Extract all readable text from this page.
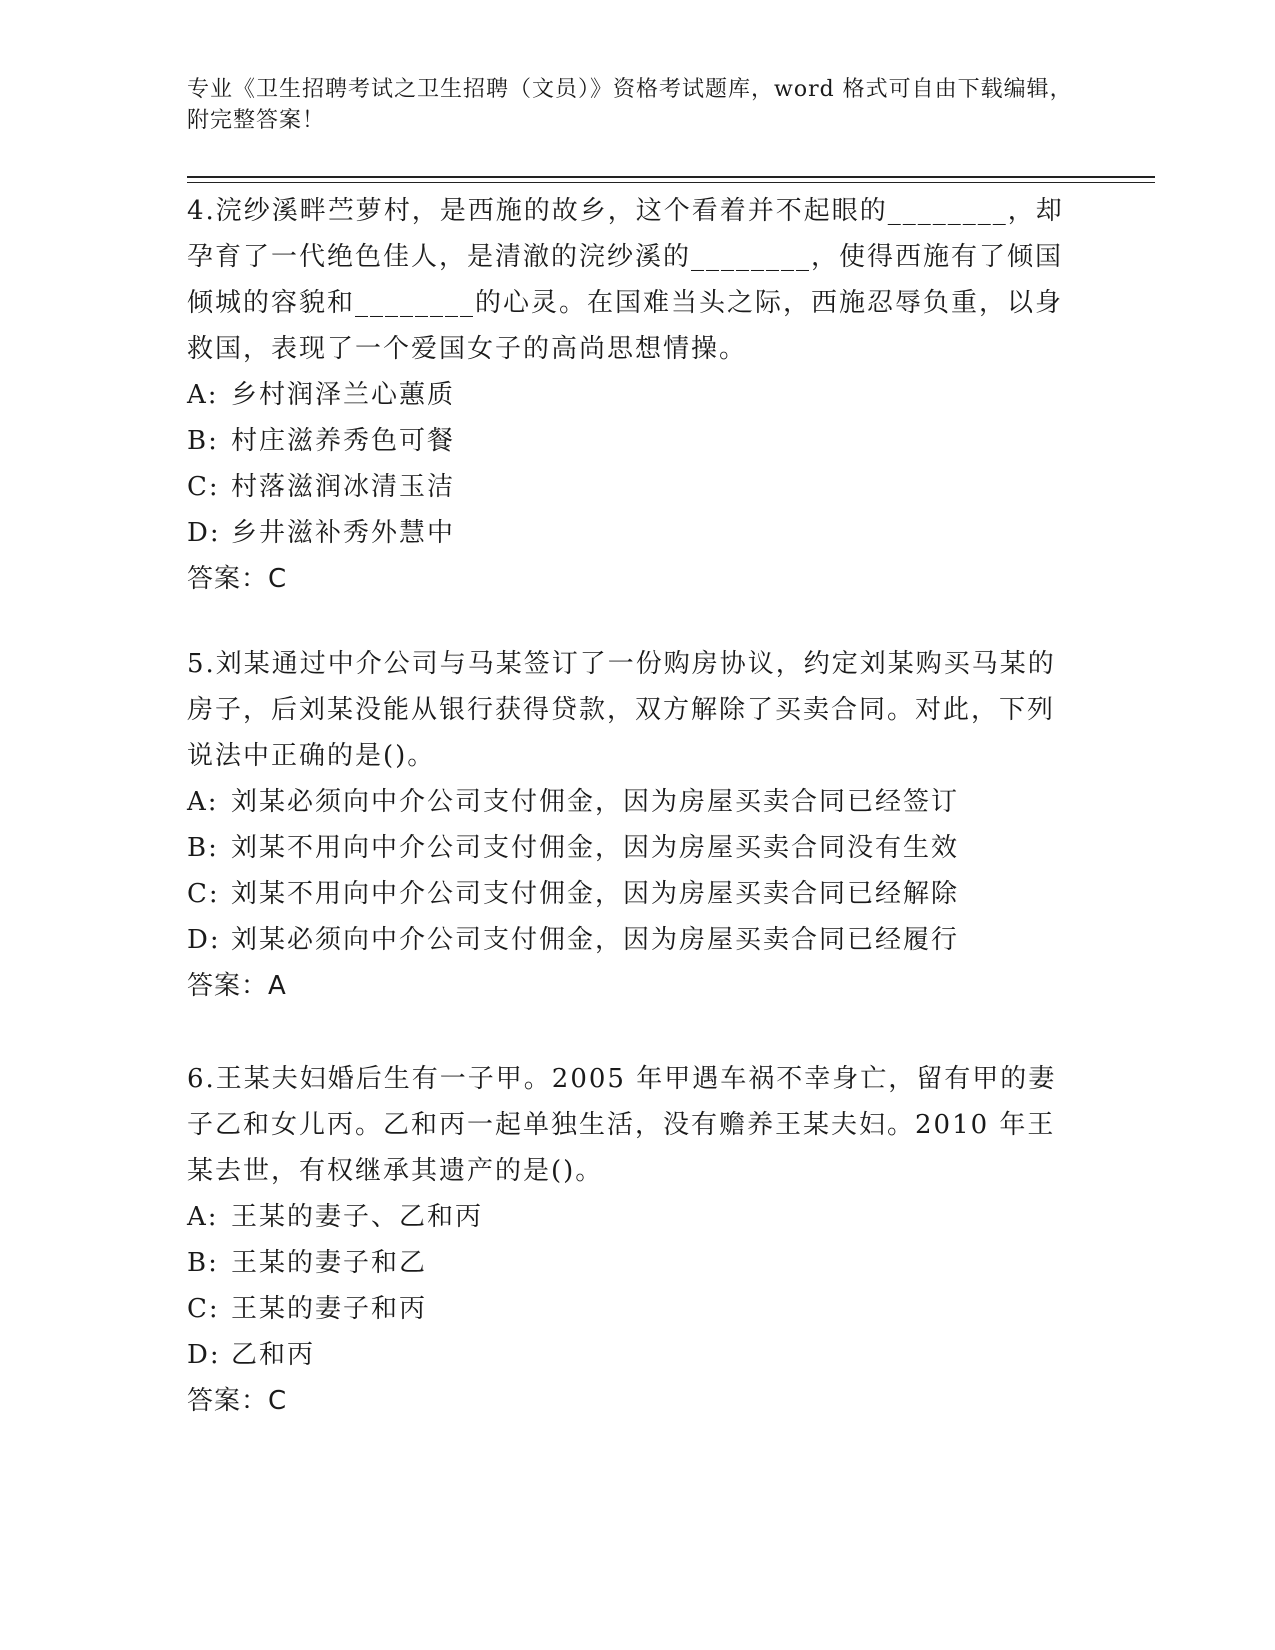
专业《卫生招聘考试之卫生招聘（文员）》资格考试题库，word 格式可自由下载编辑，附完整答案！

4.浣纱溪畔苎萝村，是西施的故乡，这个看着并不起眼的________，却孕育了一代绝色佳人，是清澈的浣纱溪的________，使得西施有了倾国倾城的容貌和________的心灵。在国难当头之际，西施忍辱负重，以身救国，表现了一个爱国女子的高尚思想情操。

A: 乡村润泽兰心蕙质
B: 村庄滋养秀色可餐
C: 村落滋润冰清玉洁
D: 乡井滋补秀外慧中
答案：C

5.刘某通过中介公司与马某签订了一份购房协议，约定刘某购买马某的房子，后刘某没能从银行获得贷款，双方解除了买卖合同。对此，下列说法中正确的是()。

A: 刘某必须向中介公司支付佣金，因为房屋买卖合同已经签订
B: 刘某不用向中介公司支付佣金，因为房屋买卖合同没有生效
C: 刘某不用向中介公司支付佣金，因为房屋买卖合同已经解除
D: 刘某必须向中介公司支付佣金，因为房屋买卖合同已经履行
答案：A

6.王某夫妇婚后生有一子甲。2005 年甲遇车祸不幸身亡，留有甲的妻子乙和女儿丙。乙和丙一起单独生活，没有赡养王某夫妇。2010 年王某去世，有权继承其遗产的是()。

A: 王某的妻子、乙和丙
B: 王某的妻子和乙
C: 王某的妻子和丙
D: 乙和丙
答案：C
